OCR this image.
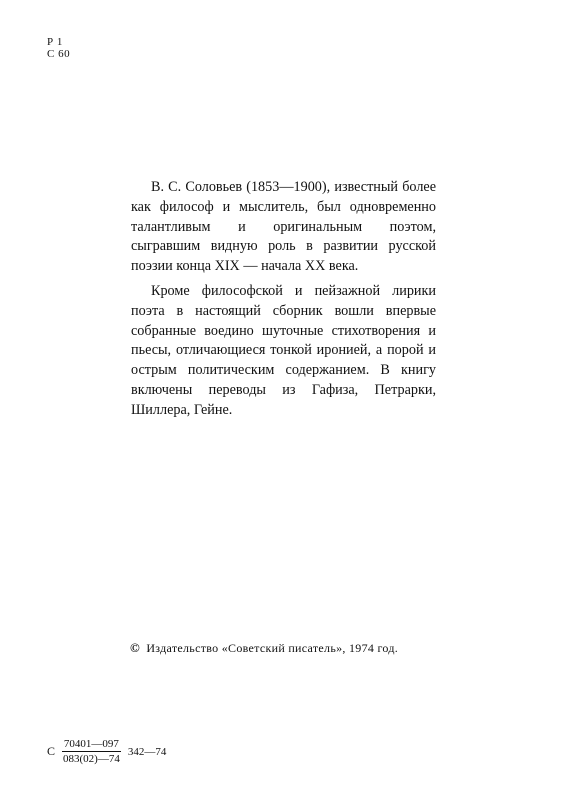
Р 1
С 60

В. С. Соловьев (1853—1900), известный более как философ и мыслитель, был одновременно талантливым и оригинальным поэтом, сыгравшим видную роль в развитии русской поэзии конца XIX — начала XX века.

Кроме философской и пейзажной лирики поэта в настоящий сборник вошли впервые собранные воедино шуточные стихотворения и пьесы, отличающиеся тонкой иронией, а порой и острым политическим содержанием. В книгу включены переводы из Гафиза, Петрарки, Шиллера, Гейне.

© Издательство «Советский писатель», 1974 год.
С $\frac{70401—097}{083(02)—74}$ 342—74
